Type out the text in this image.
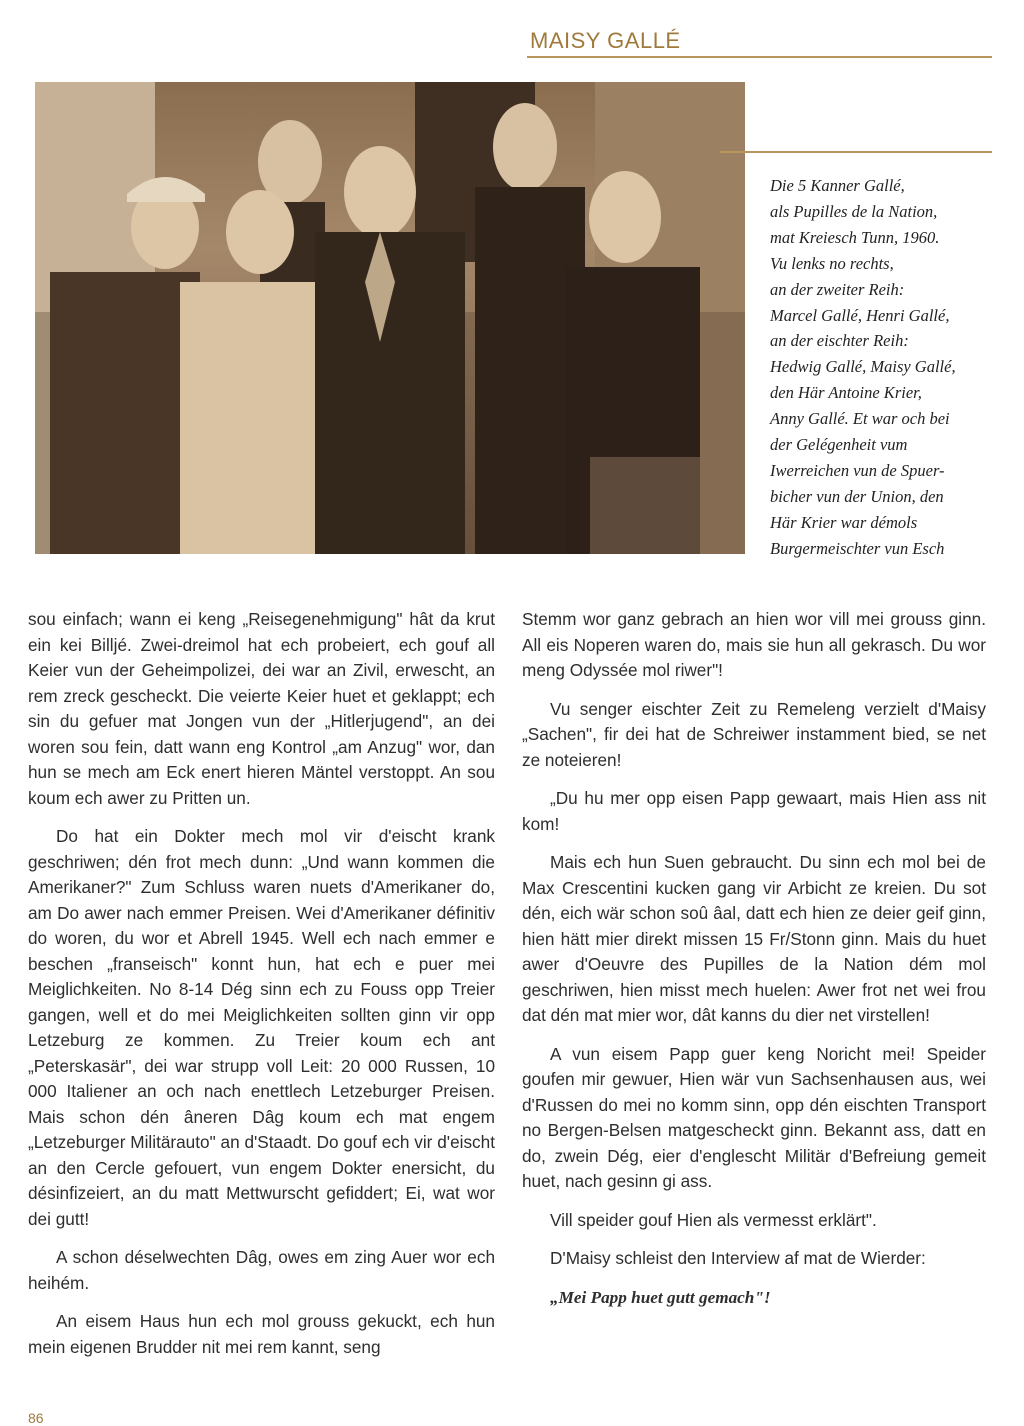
MAISY GALLÉ
Die 5 Kanner Gallé,
als Pupilles de la Nation,
mat Kreiesch Tunn, 1960.
Vu lenks no rechts,
an der zweiter Reih:
Marcel Gallé, Henri Gallé,
an der eischter Reih:
Hedwig Gallé, Maisy Gallé,
den Här Antoine Krier,
Anny Gallé. Et war och bei
der Gelégenheit vum
Iwerreichen vun de Spuer-
bicher vun der Union, den
Här Krier war démols
Burgermeischter vun Esch

sou einfach; wann ei keng „Reisegenehmigung" hât da krut ein kei Billjé. Zwei-dreimol hat ech probeiert, ech gouf all Keier vun der Geheimpolizei, dei war an Zivil, erwescht, an rem zreck gescheckt. Die veierte Keier huet et geklappt; ech sin du gefuer mat Jongen vun der „Hitlerjugend", an dei woren sou fein, datt wann eng Kontrol „am Anzug" wor, dan hun se mech am Eck enert hieren Mäntel verstoppt. An sou koum ech awer zu Pritten un.

Do hat ein Dokter mech mol vir d'eischt krank geschriwen; dén frot mech dunn: „Und wann kommen die Amerikaner?" Zum Schluss waren nuets d'Amerikaner do, am Do awer nach emmer Preisen. Wei d'Amerikaner définitiv do woren, du wor et Abrell 1945. Well ech nach emmer e beschen „franseisch" konnt hun, hat ech e puer mei Meiglichkeiten. No 8-14 Dég sinn ech zu Fouss opp Treier gangen, well et do mei Meiglichkeiten sollten ginn vir opp Letzeburg ze kommen. Zu Treier koum ech ant „Peterskasär", dei war strupp voll Leit: 20 000 Russen, 10 000 Italiener an och nach enettlech Letzeburger Preisen. Mais schon dén âneren Dâg koum ech mat engem „Letzeburger Militärauto" an d'Staadt. Do gouf ech vir d'eischt an den Cercle gefouert, vun engem Dokter enersicht, du désinfizeiert, an du matt Mettwurscht gefiddert; Ei, wat wor dei gutt!

A schon déselwechten Dâg, owes em zing Auer wor ech heihém.

An eisem Haus hun ech mol grouss gekuckt, ech hun mein eigenen Brudder nit mei rem kannt, seng

Stemm wor ganz gebrach an hien wor vill mei grouss ginn. All eis Noperen waren do, mais sie hun all gekrasch. Du wor meng Odyssée mol riwer"!

Vu senger eischter Zeit zu Remeleng verzielt d'Maisy „Sachen", fir dei hat de Schreiwer instamment bied, se net ze noteieren!

„Du hu mer opp eisen Papp gewaart, mais Hien ass nit kom!

Mais ech hun Suen gebraucht. Du sinn ech mol bei de Max Crescentini kucken gang vir Arbicht ze kreien. Du sot dén, eich wär schon soû âal, datt ech hien ze deier geif ginn, hien hätt mier direkt missen 15 Fr/Stonn ginn. Mais du huet awer d'Oeuvre des Pupilles de la Nation dém mol geschriwen, hien misst mech huelen: Awer frot net wei frou dat dén mat mier wor, dât kanns du dier net virstellen!

A vun eisem Papp guer keng Noricht mei! Speider goufen mir gewuer, Hien wär vun Sachsenhausen aus, wei d'Russen do mei no komm sinn, opp dén eischten Transport no Bergen-Belsen matgescheckt ginn. Bekannt ass, datt en do, zwein Dég, eier d'englescht Militär d'Befreiung gemeit huet, nach gesinn gi ass.

Vill speider gouf Hien als vermesst erklärt".

D'Maisy schleist den Interview af mat de Wierder:

„Mei Papp huet gutt gemach"!

86
